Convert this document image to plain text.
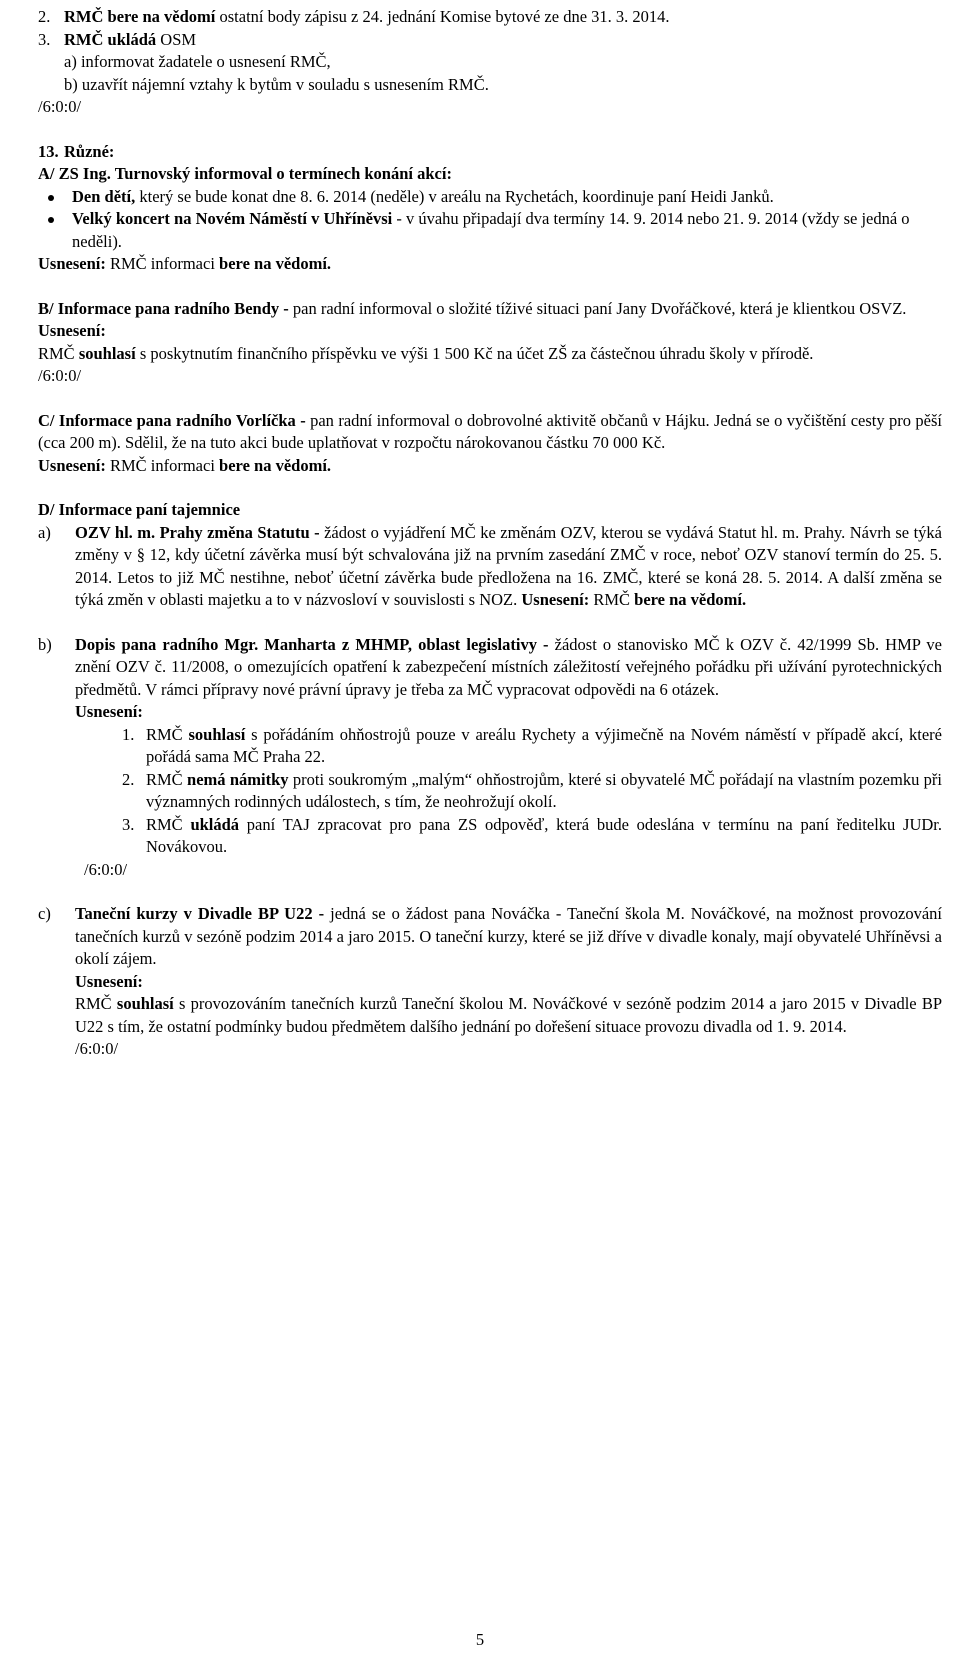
2. RMČ bere na vědomí ostatní body zápisu z 24. jednání Komise bytové ze dne 31. 3. 2014.

3. RMČ ukládá OSM

a) informovat žadatele o usnesení RMČ,

b) uzavřít nájemní vztahy k bytům v souladu s usnesením RMČ.

/6:0:0/

13. Různé:

A/ ZS Ing. Turnovský informoval o termínech konání akcí:

Den dětí, který se bude konat dne 8. 6. 2014 (neděle) v areálu na Rychetách, koordinuje paní Heidi Janků.

Velký koncert na Novém Náměstí v Uhříněvsi - v úvahu připadají dva termíny 14. 9. 2014 nebo 21. 9. 2014 (vždy se jedná o neděli).

Usnesení: RMČ informaci bere na vědomí.

B/ Informace pana radního Bendy - pan radní informoval o složité tíživé situaci paní Jany Dvořáčkové, která je klientkou OSVZ.

Usnesení:

RMČ souhlasí s poskytnutím finančního příspěvku ve výši 1 500 Kč na účet ZŠ za částečnou úhradu školy v přírodě.

/6:0:0/

C/ Informace pana radního Vorlíčka - pan radní informoval o dobrovolné aktivitě občanů v Hájku. Jedná se o vyčištění cesty pro pěší (cca 200 m). Sdělil, že na tuto akci bude uplatňovat v rozpočtu nárokovanou částku 70 000 Kč.

Usnesení: RMČ informaci bere na vědomí.

D/ Informace paní tajemnice

a)	OZV hl. m. Prahy změna Statutu - žádost o vyjádření MČ ke změnám OZV, kterou se vydává Statut hl. m. Prahy. Návrh se týká změny v § 12, kdy účetní závěrka musí být schvalována již na prvním zasedání ZMČ v roce, neboť OZV stanoví termín do 25. 5. 2014. Letos to již MČ nestihne, neboť účetní závěrka bude předložena na 16. ZMČ, které se koná 28. 5. 2014. A další změna se týká změn v oblasti majetku a to v názvosloví v souvislosti s NOZ. Usnesení: RMČ bere na vědomí.

b)	Dopis pana radního Mgr. Manharta z MHMP, oblast legislativy - žádost o stanovisko MČ k OZV č. 42/1999 Sb. HMP ve znění OZV č. 11/2008, o omezujících opatření k zabezpečení místních záležitostí veřejného pořádku při užívání pyrotechnických předmětů. V rámci přípravy nové právní úpravy je třeba za MČ vypracovat odpovědi na 6 otázek.

Usnesení:

1. RMČ souhlasí s pořádáním ohňostrojů pouze v areálu Rychety a výjimečně na Novém náměstí v případě akcí, které pořádá sama MČ Praha 22.

2. RMČ nemá námitky proti soukromým „malým“ ohňostrojům, které si obyvatelé MČ pořádají na vlastním pozemku při významných rodinných událostech, s tím, že neohrožují okolí.

3. RMČ ukládá paní TAJ zpracovat pro pana ZS odpověď, která bude odeslána v termínu na paní ředitelku JUDr. Novákovou.

/6:0:0/

c)	Taneční kurzy v Divadle BP U22 - jedná se o žádost pana Nováčka - Taneční škola M. Nováčkové, na možnost provozování tanečních kurzů v sezóně podzim 2014 a jaro 2015. O taneční kurzy, které se již dříve v divadle konaly, mají obyvatelé Uhříněvsi a okolí zájem.

Usnesení:

RMČ souhlasí s provozováním tanečních kurzů Taneční školou M. Nováčkové v sezóně podzim 2014 a jaro 2015 v Divadle BP U22 s tím, že ostatní podmínky budou předmětem dalšího jednání po dořešení situace provozu divadla od 1. 9. 2014.

/6:0:0/

5
